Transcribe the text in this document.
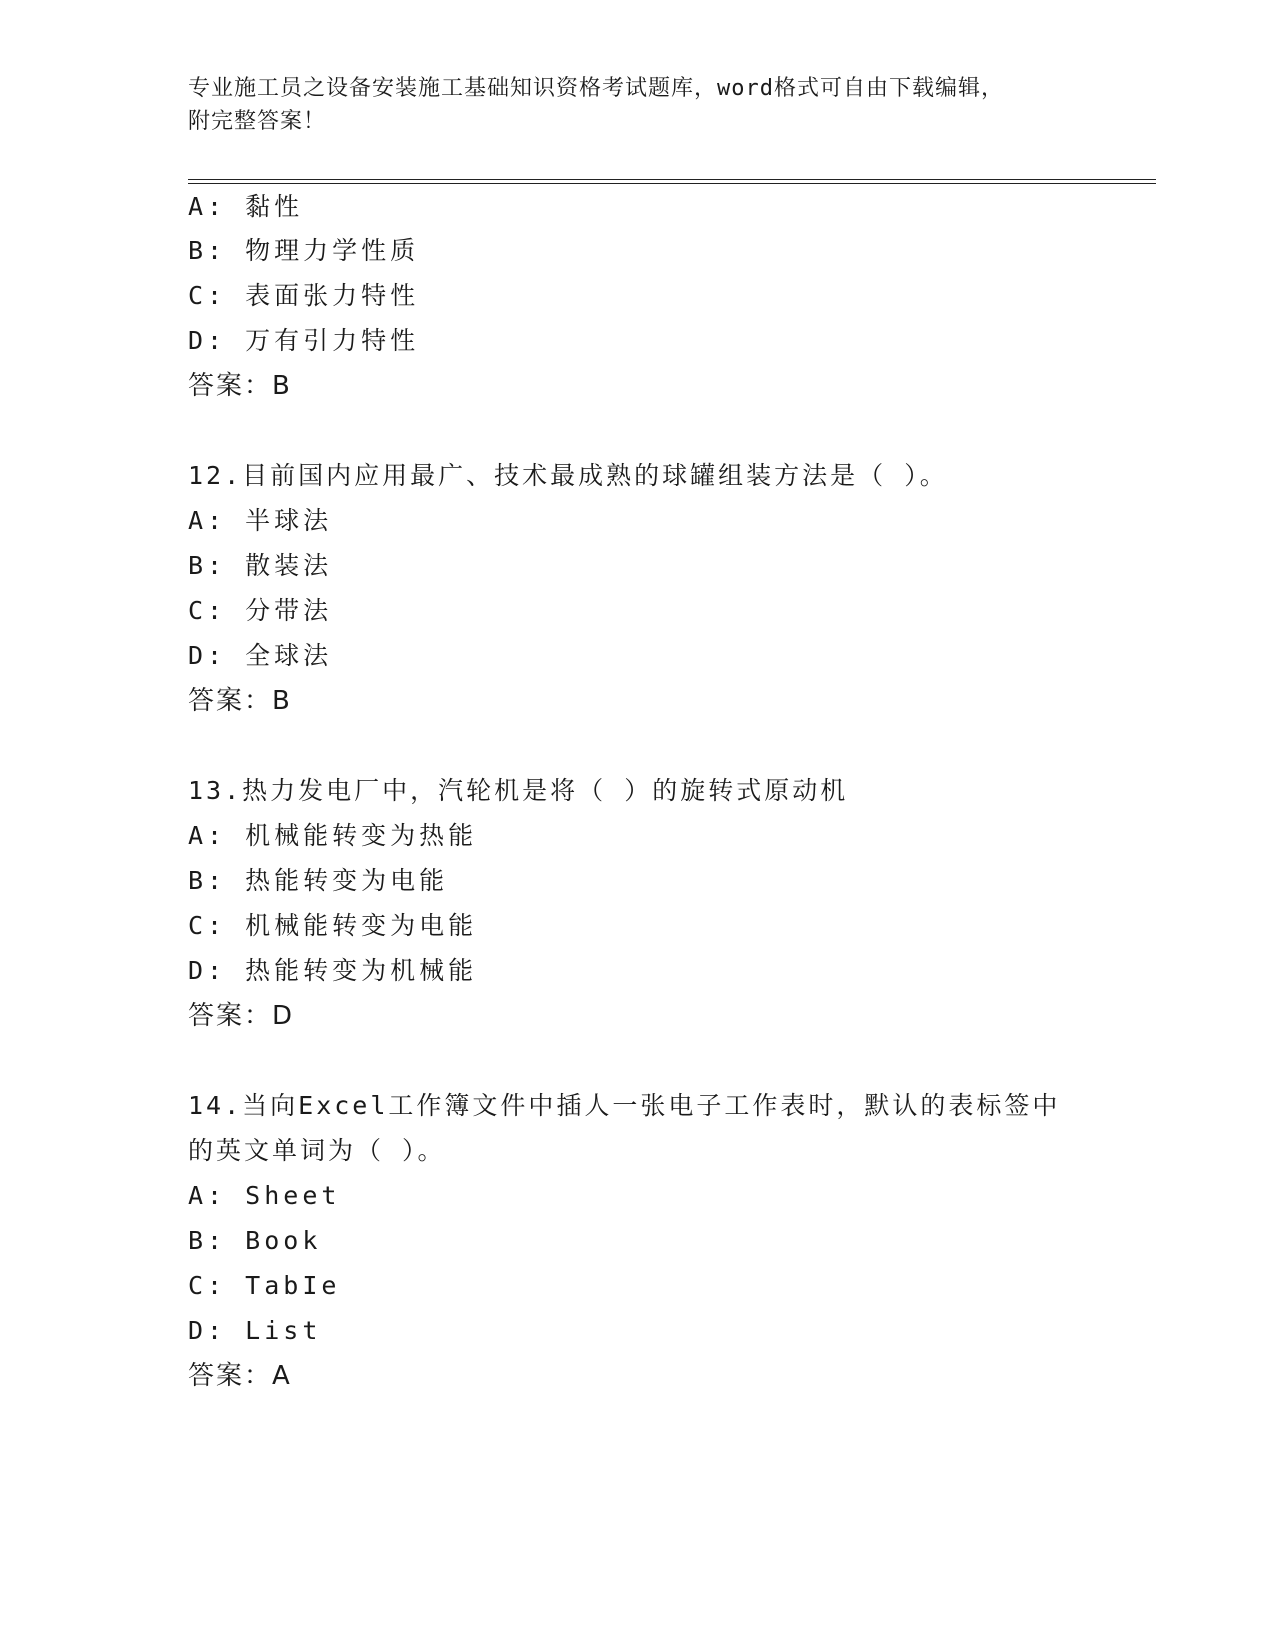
专业施工员之设备安装施工基础知识资格考试题库，word格式可自由下载编辑，
附完整答案！
A: 黏性
B: 物理力学性质
C: 表面张力特性
D: 万有引力特性
答案：B
12.目前国内应用最广、技术最成熟的球罐组装方法是（ ）。
A: 半球法
B: 散装法
C: 分带法
D: 全球法
答案：B
13.热力发电厂中，汽轮机是将（ ）的旋转式原动机
A: 机械能转变为热能
B: 热能转变为电能
C: 机械能转变为电能
D: 热能转变为机械能
答案：D
14.当向Excel工作簿文件中插人一张电子工作表时，默认的表标签中
的英文单词为（ ）。
A: Sheet
B: Book
C: TabIe
D: List
答案：A
